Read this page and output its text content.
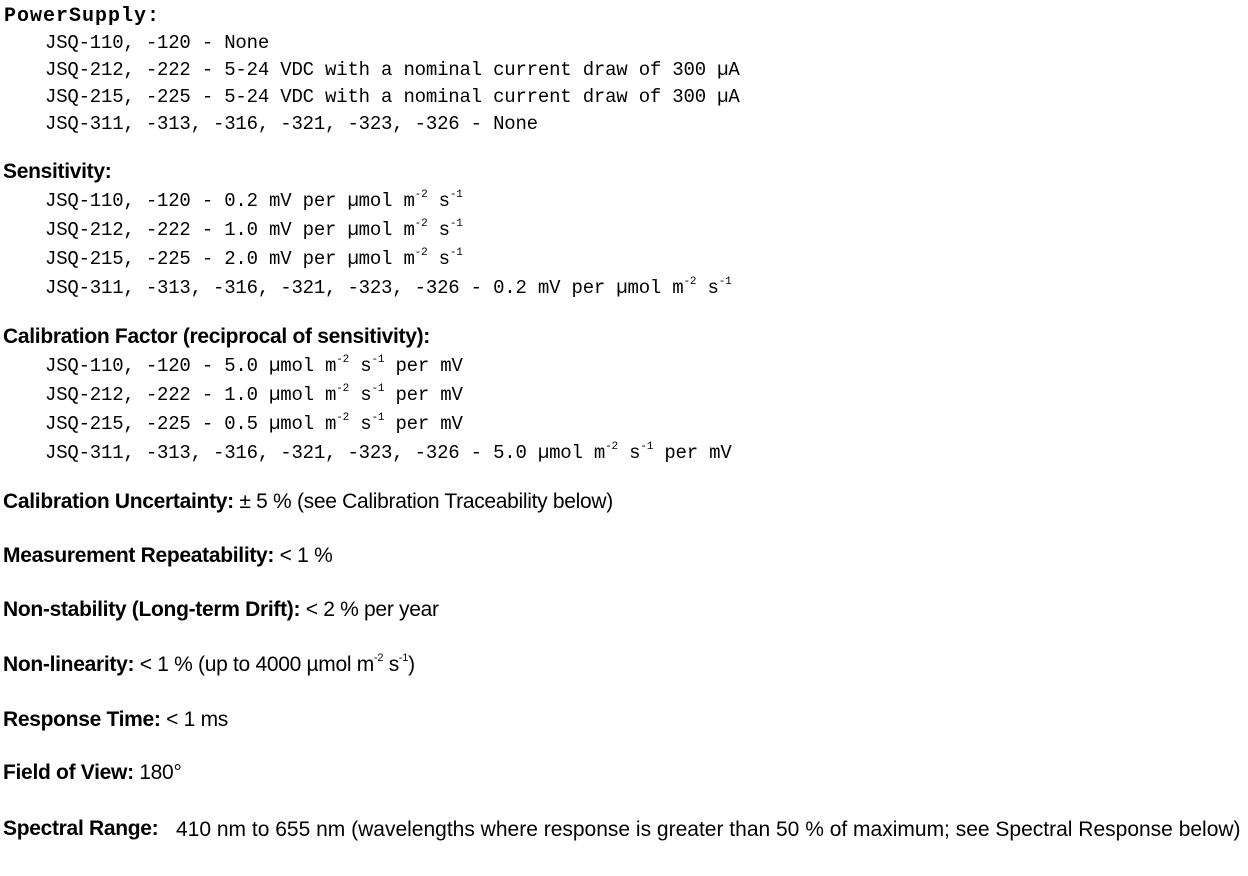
PowerSupply:
JSQ-110, -120 - None
JSQ-212, -222 - 5-24 VDC with a nominal current draw of 300 µA
JSQ-215, -225 - 5-24 VDC with a nominal current draw of 300 µA
JSQ-311, -313, -316, -321, -323, -326 - None
Sensitivity:
JSQ-110, -120 - 0.2 mV per µmol $m^{-2}$ $s^{-1}$
JSQ-212, -222 - 1.0 mV per µmol $m^{-2}$ $s^{-1}$
JSQ-215, -225 - 2.0 mV per µmol $m^{-2}$ $s^{-1}$
JSQ-311, -313, -316, -321, -323, -326 - 0.2 mV per µmol $m^{-2}$ $s^{-1}$
Calibration Factor (reciprocal of sensitivity):
JSQ-110, -120 - 5.0 µmol $m^{-2}$ $s^{-1}$ per mV
JSQ-212, -222 - 1.0 µmol $m^{-2}$ $s^{-1}$ per mV
JSQ-215, -225 - 0.5 µmol $m^{-2}$ $s^{-1}$ per mV
JSQ-311, -313, -316, -321, -323, -326 - 5.0 µmol $m^{-2}$ $s^{-1}$ per mV
Calibration Uncertainty: ± 5 % (see Calibration Traceability below)
Measurement Repeatability: < 1 %
Non-stability (Long-term Drift): < 2 % per year
Non-linearity: < 1 % (up to 4000 µmol $m^{-2}$ $s^{-1}$)
Response Time: < 1 ms
Field of View: 180°
Spectral Range: 410 nm to 655 nm (wavelengths where response is greater than 50 % of maximum; see Spectral Response below)
